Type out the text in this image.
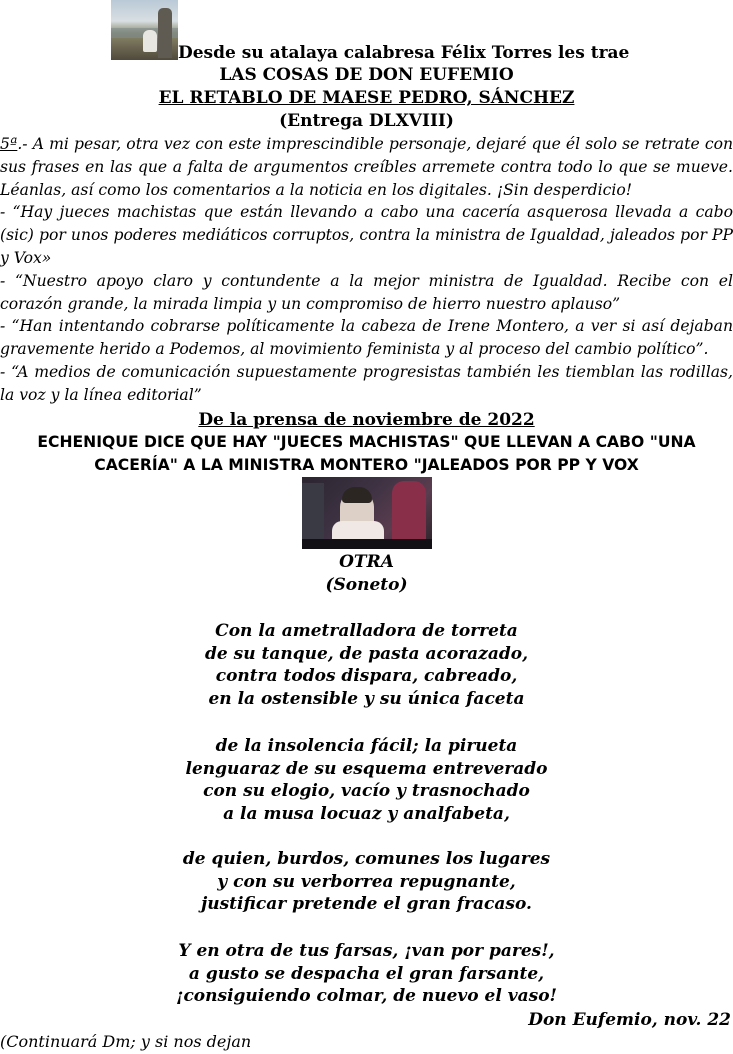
Desde su atalaya calabresa Félix Torres les trae
LAS COSAS DE DON EUFEMIO
EL RETABLO DE MAESE PEDRO, SÁNCHEZ
(Entrega DLXVIII)

5ª.- A mi pesar, otra vez con este imprescindible personaje, dejaré que él solo se retrate con sus frases en las que a falta de argumentos creíbles arremete contra todo lo que se mueve. Léanlas, así como los comentarios a la noticia en los digitales. ¡Sin desperdicio!

- “Hay jueces machistas que están llevando a cabo una cacería asquerosa llevada a cabo (sic) por unos poderes mediáticos corruptos, contra la ministra de Igualdad, jaleados por PP y Vox»

- “Nuestro apoyo claro y contundente a la mejor ministra de Igualdad. Recibe con el corazón grande, la mirada limpia y un compromiso de hierro nuestro aplauso”

- “Han intentando cobrarse políticamente la cabeza de Irene Montero, a ver si así dejaban gravemente herido a Podemos, al movimiento feminista y al proceso del cambio político”.

- “A medios de comunicación supuestamente progresistas también les tiemblan las rodillas, la voz y la línea editorial”

De la prensa de noviembre de 2022
ECHENIQUE DICE QUE HAY "JUECES MACHISTAS" QUE LLEVAN A CABO "UNA
CACERÍA" A LA MINISTRA MONTERO "JALEADOS POR PP Y VOX
OTRA
(Soneto)
Con la ametralladora de torreta
de su tanque, de pasta acorazado,
contra todos dispara, cabreado,
en la ostensible y su única faceta
de la insolencia fácil; la pirueta
lenguaraz de su esquema entreverado
con su elogio, vacío y trasnochado
a la musa locuaz y analfabeta,
de quien, burdos, comunes los lugares
y con su verborrea repugnante,
justificar pretende el gran fracaso.
Y en otra de tus farsas, ¡van por pares!,
a gusto se despacha el gran farsante,
¡consiguiendo colmar, de nuevo el vaso!
Don Eufemio, nov. 22
(Continuará Dm; y si nos dejan
